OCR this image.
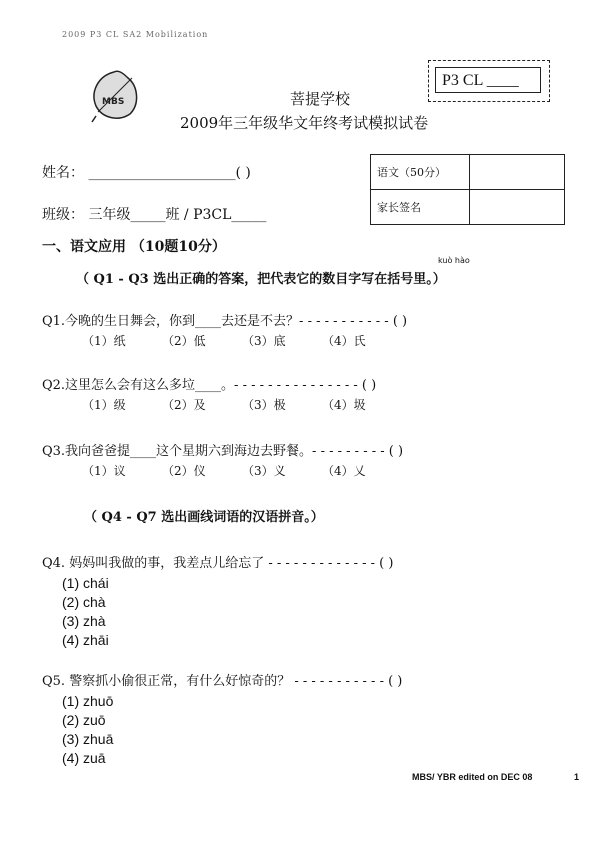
2009 P3 CL SA2 Mobilization
MBS
P3 CL ____
菩提学校
2009年三年级华文年终考试模拟试卷
姓名： _____________________( )
班级： 三年级_____班 / P3CL_____
语文（50分）	
家长签名	
一、语文应用 （10题10分）
kuò hào
（ Q1 - Q3 选出正确的答案，把代表它的数目字写在括号里。）
Q1.今晚的生日舞会，你到____去还是不去？- - - - - - - - - - - ( )
（1）纸	（2）低	（3）底	（4）氏
Q2.这里怎么会有这么多垃____。- - - - - - - - - - - - - - - ( )
（1）级	（2）及	（3）极	（4）圾
Q3.我向爸爸提____这个星期六到海边去野餐。- - - - - - - - - ( )
（1）议	（2）仪	（3）义	（4）乂
（ Q4 - Q7 选出画线词语的汉语拼音。）
Q4. 妈妈叫我做的事，我差点儿给忘了 - - - - - - - - - - - - - ( )
(1) chái
(2) chà
(3) zhà
(4) zhāi
Q5. 警察抓小偷很正常，有什么好惊奇的？ - - - - - - - - - - - ( )
(1) zhuō
(2) zuō
(3) zhuā
(4) zuā
MBS/ YBR edited on DEC 08	1
